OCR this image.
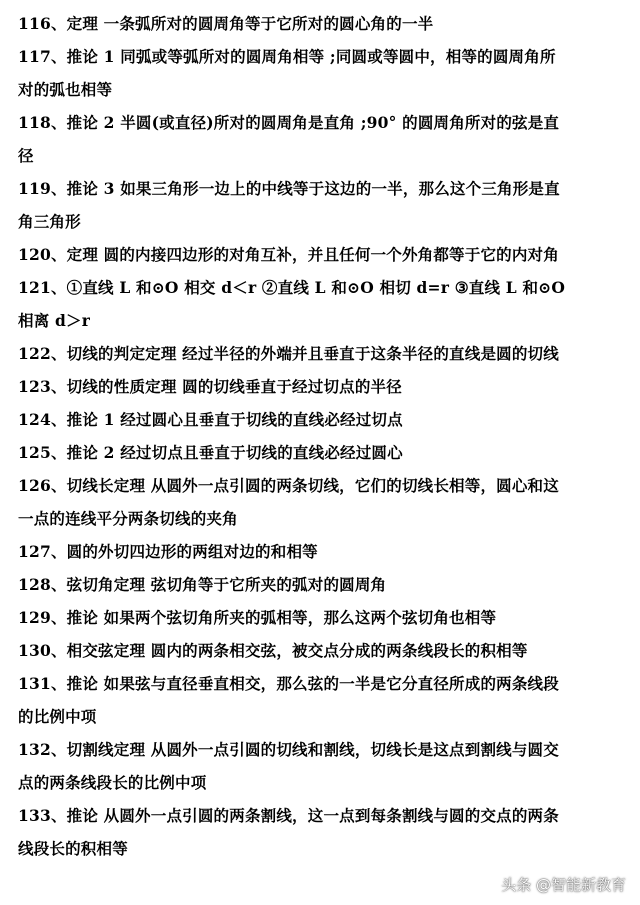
116、定理 一条弧所对的圆周角等于它所对的圆心角的一半
117、推论 1 同弧或等弧所对的圆周角相等 ;同圆或等圆中，相等的圆周角所
对的弧也相等
118、推论 2 半圆(或直径)所对的圆周角是直角 ;90° 的圆周角所对的弦是直
径
119、推论 3 如果三角形一边上的中线等于这边的一半，那么这个三角形是直
角三角形
120、定理 圆的内接四边形的对角互补，并且任何一个外角都等于它的内对角
121、①直线 L 和⊙O 相交 d＜r ②直线 L 和⊙O 相切 d=r ③直线 L 和⊙O
相离 d＞r
122、切线的判定定理 经过半径的外端并且垂直于这条半径的直线是圆的切线
123、切线的性质定理 圆的切线垂直于经过切点的半径
124、推论 1 经过圆心且垂直于切线的直线必经过切点
125、推论 2 经过切点且垂直于切线的直线必经过圆心
126、切线长定理 从圆外一点引圆的两条切线，它们的切线长相等，圆心和这
一点的连线平分两条切线的夹角
127、圆的外切四边形的两组对边的和相等
128、弦切角定理 弦切角等于它所夹的弧对的圆周角
129、推论 如果两个弦切角所夹的弧相等，那么这两个弦切角也相等
130、相交弦定理 圆内的两条相交弦，被交点分成的两条线段长的积相等
131、推论 如果弦与直径垂直相交，那么弦的一半是它分直径所成的两条线段
的比例中项
132、切割线定理 从圆外一点引圆的切线和割线，切线长是这点到割线与圆交
点的两条线段长的比例中项
133、推论 从圆外一点引圆的两条割线，这一点到每条割线与圆的交点的两条
线段长的积相等
头条 @智能新教育
